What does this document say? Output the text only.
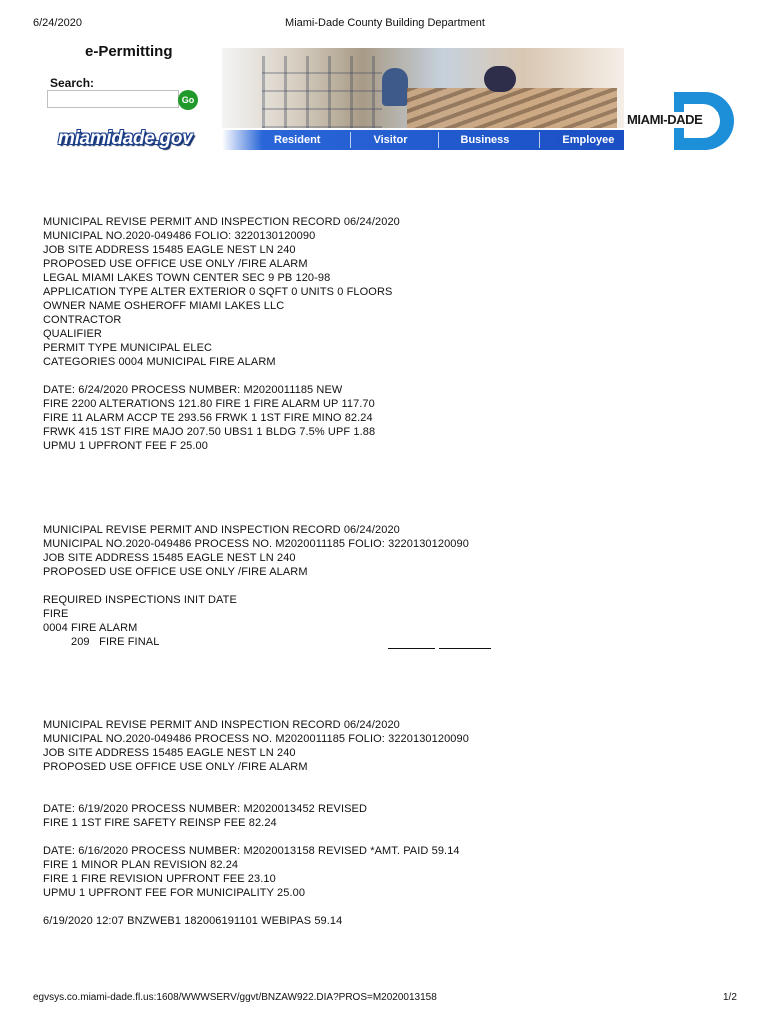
6/24/2020	Miami-Dade County Building Department
e-Permitting
Search:
Go
miamidade.gov	Resident	Visitor	Business	Employee
MIAMI-DADE
MUNICIPAL REVISE PERMIT AND INSPECTION RECORD 06/24/2020
MUNICIPAL NO.2020-049486 FOLIO: 3220130120090
JOB SITE ADDRESS 15485 EAGLE NEST LN 240
PROPOSED USE OFFICE USE ONLY /FIRE ALARM
LEGAL MIAMI LAKES TOWN CENTER SEC 9 PB 120-98
APPLICATION TYPE ALTER EXTERIOR 0 SQFT 0 UNITS 0 FLOORS
OWNER NAME OSHEROFF MIAMI LAKES LLC
CONTRACTOR
QUALIFIER
PERMIT TYPE MUNICIPAL ELEC
CATEGORIES 0004 MUNICIPAL FIRE ALARM
DATE: 6/24/2020 PROCESS NUMBER: M2020011185 NEW
FIRE 2200 ALTERATIONS 121.80 FIRE 1 FIRE ALARM UP 117.70
FIRE 11 ALARM ACCP TE 293.56 FRWK 1 1ST FIRE MINO 82.24
FRWK 415 1ST FIRE MAJO 207.50 UBS1 1 BLDG 7.5% UPF 1.88
UPMU 1 UPFRONT FEE F 25.00
MUNICIPAL REVISE PERMIT AND INSPECTION RECORD 06/24/2020
MUNICIPAL NO.2020-049486 PROCESS NO. M2020011185 FOLIO: 3220130120090
JOB SITE ADDRESS 15485 EAGLE NEST LN 240
PROPOSED USE OFFICE USE ONLY /FIRE ALARM
REQUIRED INSPECTIONS INIT DATE
FIRE
0004 FIRE ALARM
209   FIRE FINAL
MUNICIPAL REVISE PERMIT AND INSPECTION RECORD 06/24/2020
MUNICIPAL NO.2020-049486 PROCESS NO. M2020011185 FOLIO: 3220130120090
JOB SITE ADDRESS 15485 EAGLE NEST LN 240
PROPOSED USE OFFICE USE ONLY /FIRE ALARM
DATE: 6/19/2020 PROCESS NUMBER: M2020013452 REVISED
FIRE 1 1ST FIRE SAFETY REINSP FEE 82.24
DATE: 6/16/2020 PROCESS NUMBER: M2020013158 REVISED *AMT. PAID 59.14
FIRE 1 MINOR PLAN REVISION 82.24
FIRE 1 FIRE REVISION UPFRONT FEE 23.10
UPMU 1 UPFRONT FEE FOR MUNICIPALITY 25.00
6/19/2020 12:07 BNZWEB1 182006191101 WEBIPAS 59.14
egvsys.co.miami-dade.fl.us:1608/WWWSERV/ggvt/BNZAW922.DIA?PROS=M2020013158	1/2
